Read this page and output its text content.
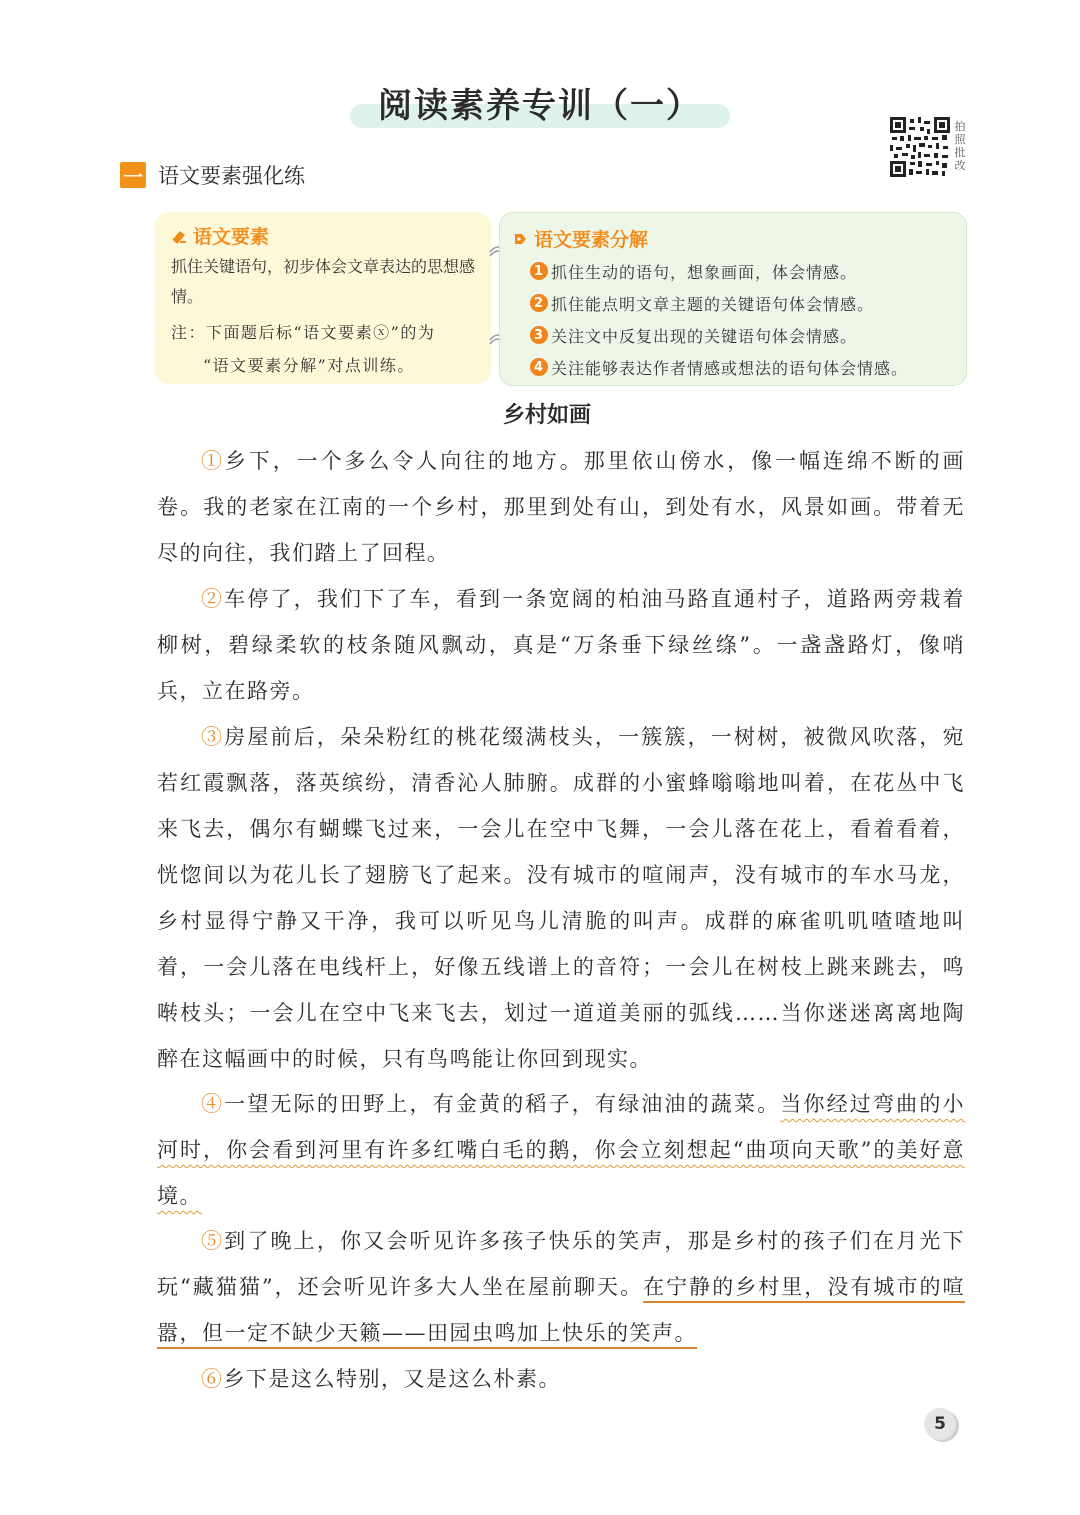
阅读素养专训（一）
拍照批改
一 语文要素强化练
语文要素
抓住关键语句，初步体会文章表达的思想感情。
注：下面题后标“语文要素ⓧ”的为
“语文要素分解”对点训练。
语文要素分解
1 抓住生动的语句，想象画面，体会情感。
2 抓住能点明文章主题的关键语句体会情感。
3 关注文中反复出现的关键语句体会情感。
4 关注能够表达作者情感或想法的语句体会情感。
乡村如画

①乡下，一个多么令人向往的地方。那里依山傍水，像一幅连绵不断的画卷。我的老家在江南的一个乡村，那里到处有山，到处有水，风景如画。带着无尽的向往，我们踏上了回程。

②车停了，我们下了车，看到一条宽阔的柏油马路直通村子，道路两旁栽着柳树，碧绿柔软的枝条随风飘动，真是“万条垂下绿丝绦”。一盏盏路灯，像哨兵，立在路旁。

③房屋前后，朵朵粉红的桃花缀满枝头，一簇簇，一树树，被微风吹落，宛若红霞飘落，落英缤纷，清香沁人肺腑。成群的小蜜蜂嗡嗡地叫着，在花丛中飞来飞去，偶尔有蝴蝶飞过来，一会儿在空中飞舞，一会儿落在花上，看着看着，恍惚间以为花儿长了翅膀飞了起来。没有城市的喧闹声，没有城市的车水马龙，乡村显得宁静又干净，我可以听见鸟儿清脆的叫声。成群的麻雀叽叽喳喳地叫着，一会儿落在电线杆上，好像五线谱上的音符；一会儿在树枝上跳来跳去，鸣啭枝头；一会儿在空中飞来飞去，划过一道道美丽的弧线……当你迷迷离离地陶醉在这幅画中的时候，只有鸟鸣能让你回到现实。

④一望无际的田野上，有金黄的稻子，有绿油油的蔬菜。当你经过弯曲的小河时，你会看到河里有许多红嘴白毛的鹅，你会立刻想起“曲项向天歌”的美好意境。

⑤到了晚上，你又会听见许多孩子快乐的笑声，那是乡村的孩子们在月光下玩“藏猫猫”，还会听见许多大人坐在屋前聊天。在宁静的乡村里，没有城市的喧嚣，但一定不缺少天籁——田园虫鸣加上快乐的笑声。

⑥乡下是这么特别，又是这么朴素。

5
